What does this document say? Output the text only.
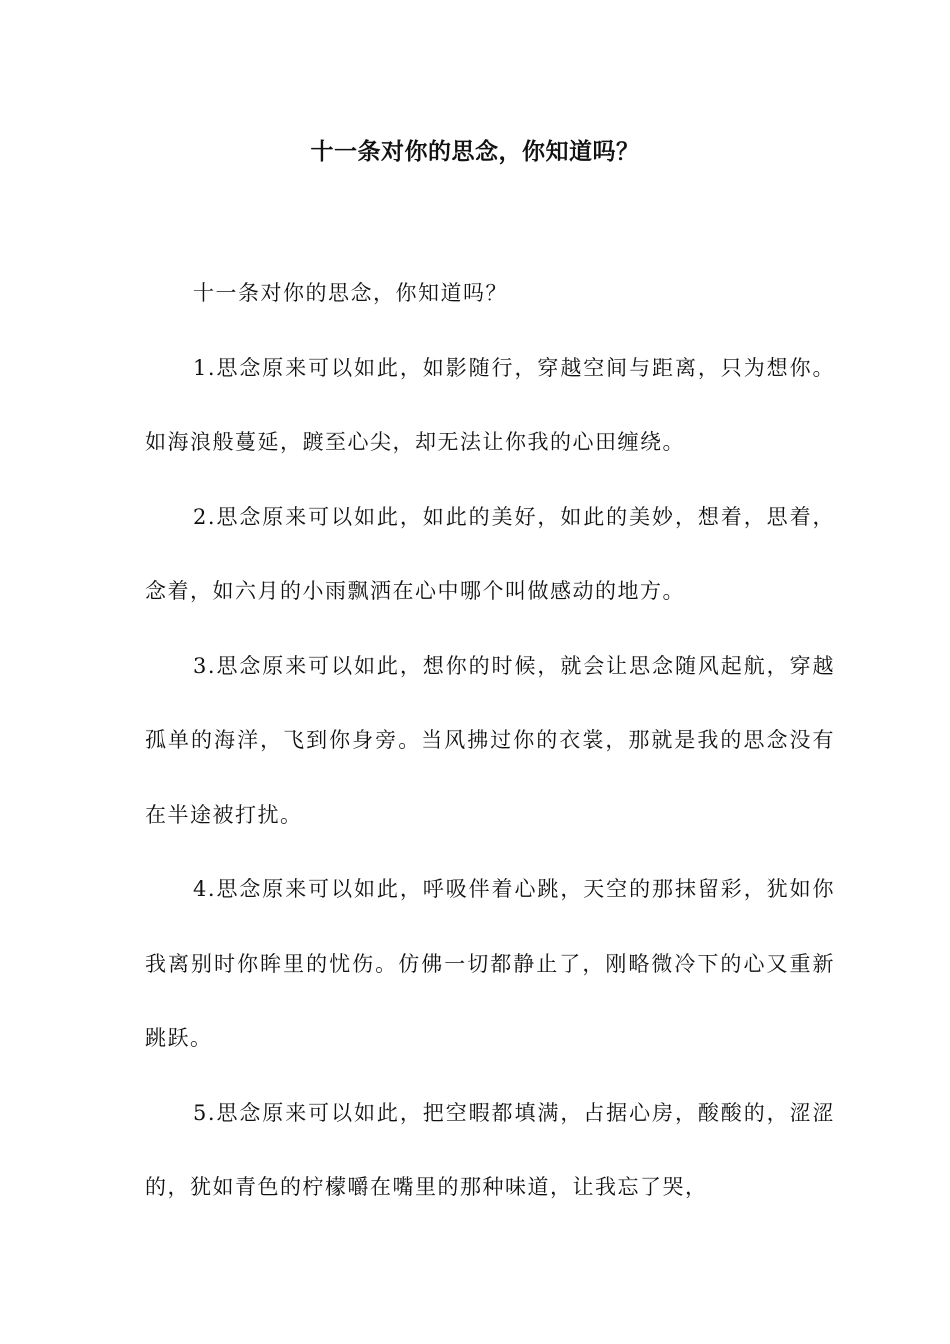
十一条对你的思念，你知道吗？

十一条对你的思念，你知道吗？

1.思念原来可以如此，如影随行，穿越空间与距离，只为想你。如海浪般蔓延，踱至心尖，却无法让你我的心田缠绕。

2.思念原来可以如此，如此的美好，如此的美妙，想着，思着，念着，如六月的小雨飘洒在心中哪个叫做感动的地方。

3.思念原来可以如此，想你的时候，就会让思念随风起航，穿越孤单的海洋，飞到你身旁。当风拂过你的衣裳，那就是我的思念没有在半途被打扰。

4.思念原来可以如此，呼吸伴着心跳，天空的那抹留彩，犹如你我离别时你眸里的忧伤。仿佛一切都静止了，刚略微冷下的心又重新跳跃。

5.思念原来可以如此，把空暇都填满，占据心房，酸酸的，涩涩的，犹如青色的柠檬嚼在嘴里的那种味道，让我忘了哭，
